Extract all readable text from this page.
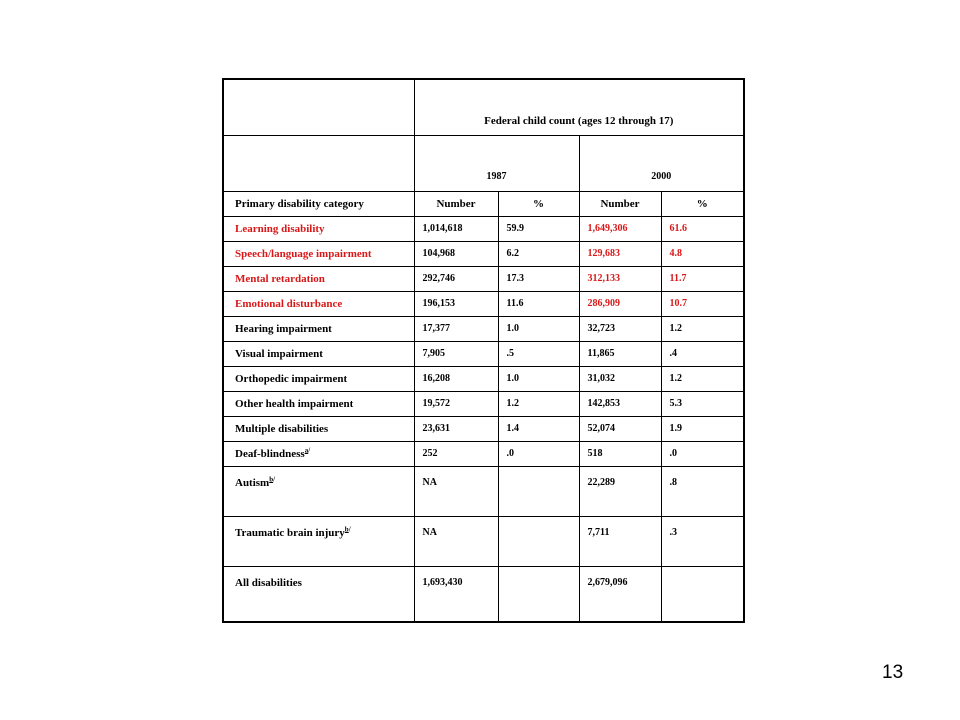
	Federal child count (ages 12 through 17)			

	1987		2000	

Primary disability category	Number	%	Number	%
Learning disability	1,014,618	59.9	1,649,306	61.6
Speech/language impairment	104,968	6.2	129,683	4.8
Mental retardation	292,746	17.3	312,133	11.7
Emotional disturbance	196,153	11.6	286,909	10.7
Hearing impairment	17,377	1.0	32,723	1.2
Visual impairment	7,905	.5	11,865	.4
Orthopedic impairment	16,208	1.0	31,032	1.2
Other health impairment	19,572	1.2	142,853	5.3
Multiple disabilities	23,631	1.4	52,074	1.9
Deaf-blindness$^{a/}$	252	.0	518	.0
Autism$^{b/}$	NA		22,289	.8
Traumatic brain injury$^{b/}$	NA		7,711	.3
All disabilities	1,693,430		2,679,096	
13
